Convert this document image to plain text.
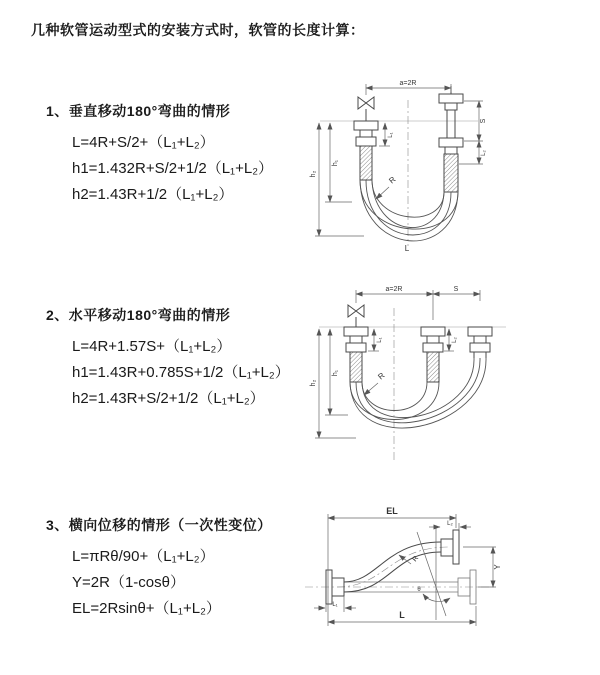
几种软管运动型式的安装方式时，软管的长度计算：
1、垂直移动180°弯曲的情形
L=4R+S/2+（L₁+L₂）
h1=1.432R+S/2+1/2（L₁+L₂）
h2=1.43R+1/2（L₁+L₂）
2、水平移动180°弯曲的情形
L=4R+1.57S+（L₁+L₂）
h1=1.43R+0.785S+1/2（L₁+L₂）
h2=1.43R+S/2+1/2（L₁+L₂）
3、横向位移的情形（一次性变位）
L=πRθ/90+（L₁+L₂）
Y=2R（1-cosθ）
EL=2Rsinθ+（L₁+L₂）
a=2R
S
L₂
L₁
h₁
h₂
R
L
a=2R	S
L₁	L₂
h₁
h₂
R
EL
L₂
L
L₁
Y
R
θ
